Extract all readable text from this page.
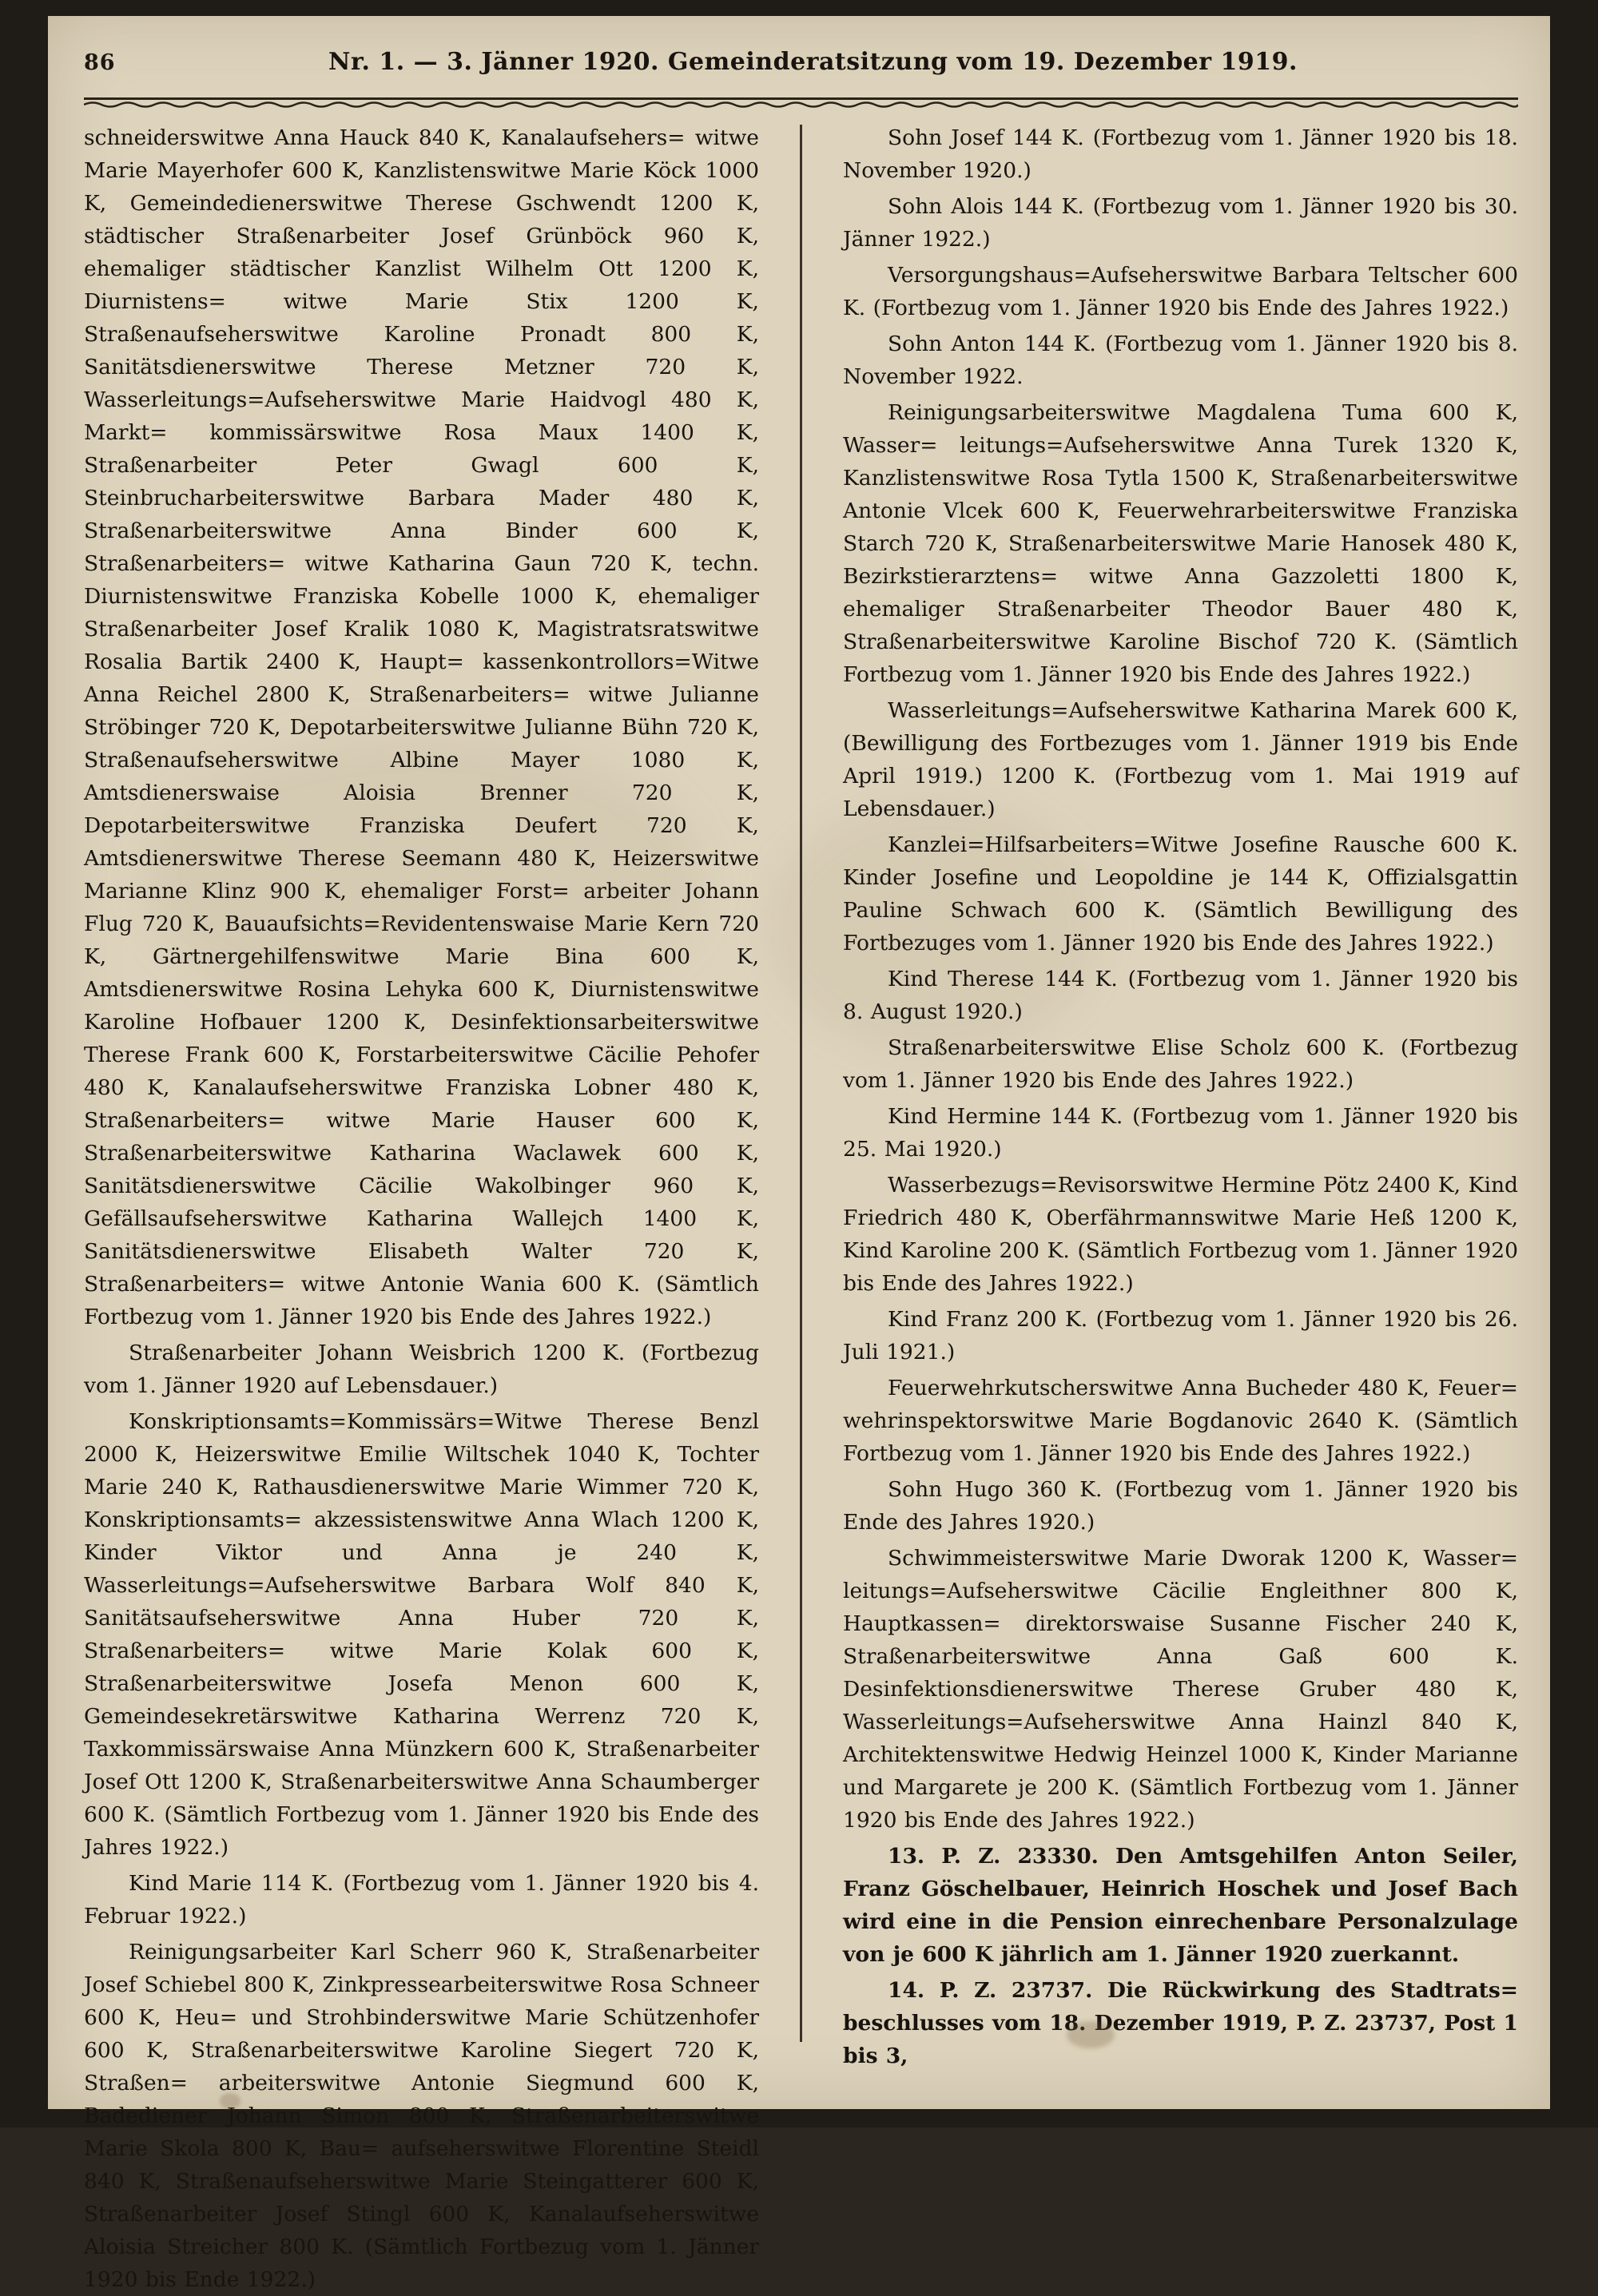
86	Nr. 1. — 3. Jänner 1920. Gemeinderatsitzung vom 19. Dezember 1919.

schneiderswitwe Anna Hauck 840 K, Kanalaufsehers= witwe Marie Mayerhofer 600 K, Kanzlistenswitwe Marie Köck 1000 K, Gemeindedienerswitwe Therese Gschwendt 1200 K, städtischer Straßenarbeiter Josef Grünböck 960 K, ehemaliger städtischer Kanzlist Wilhelm Ott 1200 K, Diurnistens= witwe Marie Stix 1200 K, Straßenaufseherswitwe Karoline Pronadt 800 K, Sanitätsdienerswitwe Therese Metzner 720 K, Wasserleitungs=Aufseherswitwe Marie Haidvogl 480 K, Markt= kommissärswitwe Rosa Maux 1400 K, Straßenarbeiter Peter Gwagl 600 K, Steinbrucharbeiterswitwe Barbara Mader 480 K, Straßenarbeiterswitwe Anna Binder 600 K, Straßenarbeiters= witwe Katharina Gaun 720 K, techn. Diurnistenswitwe Franziska Kobelle 1000 K, ehemaliger Straßenarbeiter Josef Kralik 1080 K, Magistratsratswitwe Rosalia Bartik 2400 K, Haupt= kassenkontrollors=Witwe Anna Reichel 2800 K, Straßenarbeiters= witwe Julianne Ströbinger 720 K, Depotarbeiterswitwe Julianne Bühn 720 K, Straßenaufseherswitwe Albine Mayer 1080 K, Amtsdienerswaise Aloisia Brenner 720 K, Depotarbeiterswitwe Franziska Deufert 720 K, Amtsdienerswitwe Therese Seemann 480 K, Heizerswitwe Marianne Klinz 900 K, ehemaliger Forst= arbeiter Johann Flug 720 K, Bauaufsichts=Revidentenswaise Marie Kern 720 K, Gärtnergehilfenswitwe Marie Bina 600 K, Amtsdienerswitwe Rosina Lehyka 600 K, Diurnistenswitwe Karoline Hofbauer 1200 K, Desinfektionsarbeiterswitwe Therese Frank 600 K, Forstarbeiterswitwe Cäcilie Pehofer 480 K, Kanalaufseherswitwe Franziska Lobner 480 K, Straßenarbeiters= witwe Marie Hauser 600 K, Straßenarbeiterswitwe Katharina Waclawek 600 K, Sanitätsdienerswitwe Cäcilie Wakolbinger 960 K, Gefällsaufseherswitwe Katharina Wallejch 1400 K, Sanitätsdienerswitwe Elisabeth Walter 720 K, Straßenarbeiters= witwe Antonie Wania 600 K. (Sämtlich Fortbezug vom 1. Jänner 1920 bis Ende des Jahres 1922.)

Straßenarbeiter Johann Weisbrich 1200 K. (Fortbezug vom 1. Jänner 1920 auf Lebensdauer.)

Konskriptionsamts=Kommissärs=Witwe Therese Benzl 2000 K, Heizerswitwe Emilie Wiltschek 1040 K, Tochter Marie 240 K, Rathausdienerswitwe Marie Wimmer 720 K, Konskriptionsamts= akzessistenswitwe Anna Wlach 1200 K, Kinder Viktor und Anna je 240 K, Wasserleitungs=Aufseherswitwe Barbara Wolf 840 K, Sanitätsaufseherswitwe Anna Huber 720 K, Straßenarbeiters= witwe Marie Kolak 600 K, Straßenarbeiterswitwe Josefa Menon 600 K, Gemeindesekretärswitwe Katharina Werrenz 720 K, Taxkommissärswaise Anna Münzkern 600 K, Straßenarbeiter Josef Ott 1200 K, Straßenarbeiterswitwe Anna Schaumberger 600 K. (Sämtlich Fortbezug vom 1. Jänner 1920 bis Ende des Jahres 1922.)

Kind Marie 114 K. (Fortbezug vom 1. Jänner 1920 bis 4. Februar 1922.)

Reinigungsarbeiter Karl Scherr 960 K, Straßenarbeiter Josef Schiebel 800 K, Zinkpressearbeiterswitwe Rosa Schneer 600 K, Heu= und Strohbinderswitwe Marie Schützenhofer 600 K, Straßenarbeiterswitwe Karoline Siegert 720 K, Straßen= arbeiterswitwe Antonie Siegmund 600 K, Badediener Johann Simon 800 K, Straßenarbeiterswitwe Marie Skola 800 K, Bau= aufseherswitwe Florentine Steidl 840 K, Straßenaufseherswitwe Marie Steingatterer 600 K, Straßenarbeiter Josef Stingl 600 K, Kanalaufseherswitwe Aloisia Streicher 800 K. (Sämtlich Fortbezug vom 1. Jänner 1920 bis Ende 1922.)

Sohn Josef 144 K. (Fortbezug vom 1. Jänner 1920 bis 18. November 1920.)

Sohn Alois 144 K. (Fortbezug vom 1. Jänner 1920 bis 30. Jänner 1922.)

Versorgungshaus=Aufseherswitwe Barbara Teltscher 600 K. (Fortbezug vom 1. Jänner 1920 bis Ende des Jahres 1922.)

Sohn Anton 144 K. (Fortbezug vom 1. Jänner 1920 bis 8. November 1922.

Reinigungsarbeiterswitwe Magdalena Tuma 600 K, Wasser= leitungs=Aufseherswitwe Anna Turek 1320 K, Kanzlistenswitwe Rosa Tytla 1500 K, Straßenarbeiterswitwe Antonie Vlcek 600 K, Feuerwehrarbeiterswitwe Franziska Starch 720 K, Straßenarbeiterswitwe Marie Hanosek 480 K, Bezirkstierarztens= witwe Anna Gazzoletti 1800 K, ehemaliger Straßenarbeiter Theodor Bauer 480 K, Straßenarbeiterswitwe Karoline Bischof 720 K. (Sämtlich Fortbezug vom 1. Jänner 1920 bis Ende des Jahres 1922.)

Wasserleitungs=Aufseherswitwe Katharina Marek 600 K, (Bewilligung des Fortbezuges vom 1. Jänner 1919 bis Ende April 1919.) 1200 K. (Fortbezug vom 1. Mai 1919 auf Lebensdauer.)

Kanzlei=Hilfsarbeiters=Witwe Josefine Rausche 600 K. Kinder Josefine und Leopoldine je 144 K, Offizialsgattin Pauline Schwach 600 K. (Sämtlich Bewilligung des Fortbezuges vom 1. Jänner 1920 bis Ende des Jahres 1922.)

Kind Therese 144 K. (Fortbezug vom 1. Jänner 1920 bis 8. August 1920.)

Straßenarbeiterswitwe Elise Scholz 600 K. (Fortbezug vom 1. Jänner 1920 bis Ende des Jahres 1922.)

Kind Hermine 144 K. (Fortbezug vom 1. Jänner 1920 bis 25. Mai 1920.)

Wasserbezugs=Revisorswitwe Hermine Pötz 2400 K, Kind Friedrich 480 K, Oberfährmannswitwe Marie Heß 1200 K, Kind Karoline 200 K. (Sämtlich Fortbezug vom 1. Jänner 1920 bis Ende des Jahres 1922.)

Kind Franz 200 K. (Fortbezug vom 1. Jänner 1920 bis 26. Juli 1921.)

Feuerwehrkutscherswitwe Anna Bucheder 480 K, Feuer= wehrinspektorswitwe Marie Bogdanovic 2640 K. (Sämtlich Fortbezug vom 1. Jänner 1920 bis Ende des Jahres 1922.)

Sohn Hugo 360 K. (Fortbezug vom 1. Jänner 1920 bis Ende des Jahres 1920.)

Schwimmeisterswitwe Marie Dworak 1200 K, Wasser= leitungs=Aufseherswitwe Cäcilie Engleithner 800 K, Hauptkassen= direktorswaise Susanne Fischer 240 K, Straßenarbeiterswitwe Anna Gaß 600 K. Desinfektionsdienerswitwe Therese Gruber 480 K, Wasserleitungs=Aufseherswitwe Anna Hainzl 840 K, Architektenswitwe Hedwig Heinzel 1000 K, Kinder Marianne und Margarete je 200 K. (Sämtlich Fortbezug vom 1. Jänner 1920 bis Ende des Jahres 1922.)

13. P. Z. 23330. Den Amtsgehilfen Anton Seiler, Franz Göschelbauer, Heinrich Hoschek und Josef Bach wird eine in die Pension einrechenbare Personalzulage von je 600 K jährlich am 1. Jänner 1920 zuerkannt.

14. P. Z. 23737. Die Rückwirkung des Stadtrats= beschlusses vom 18. Dezember 1919, P. Z. 23737, Post 1 bis 3,
